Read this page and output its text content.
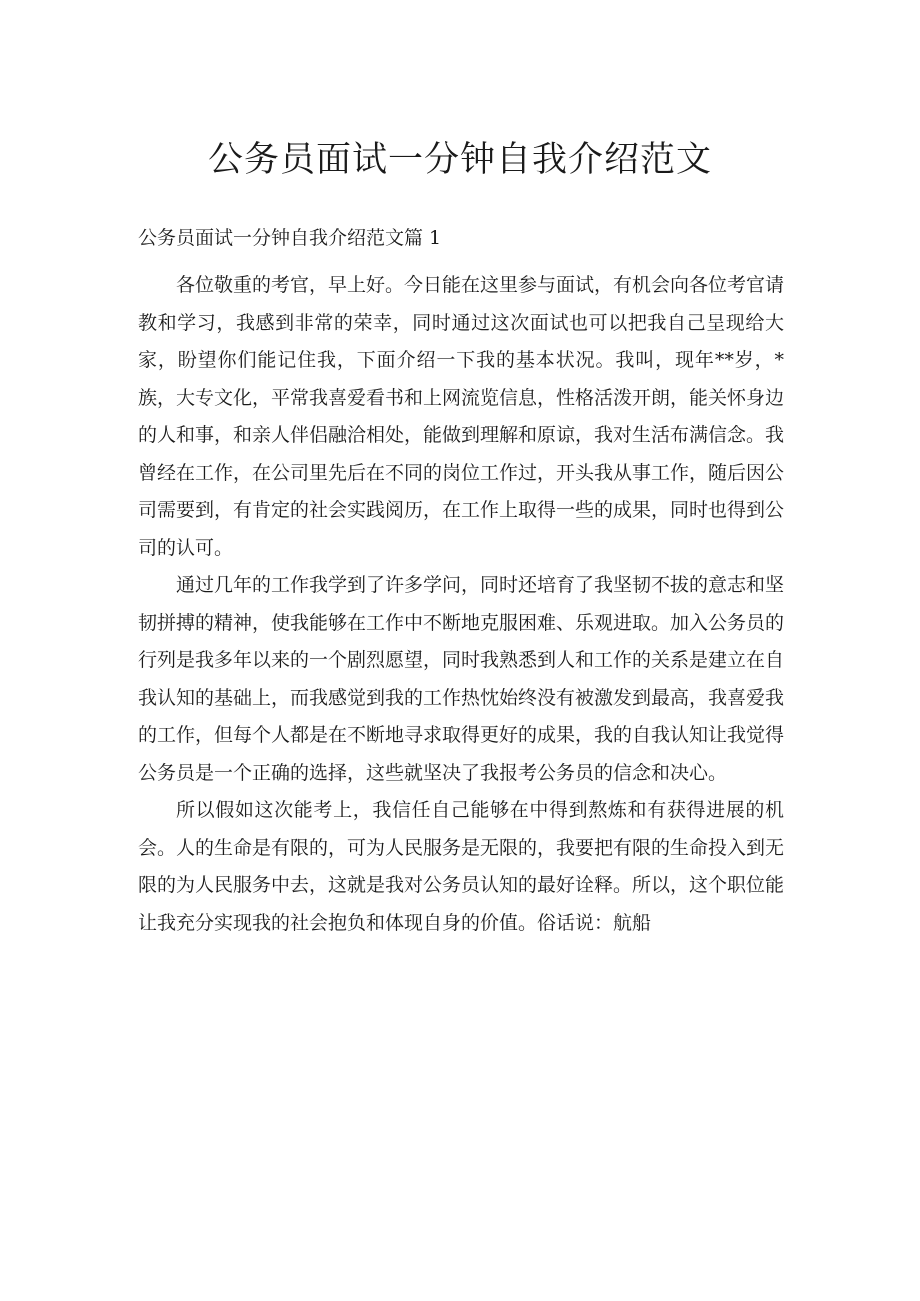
公务员面试一分钟自我介绍范文
公务员面试一分钟自我介绍范文篇 1

各位敬重的考官，早上好。今日能在这里参与面试，有机会向各位考官请教和学习，我感到非常的荣幸，同时通过这次面试也可以把我自己呈现给大家，盼望你们能记住我，下面介绍一下我的基本状况。我叫，现年**岁，*族，大专文化，平常我喜爱看书和上网流览信息，性格活泼开朗，能关怀身边的人和事，和亲人伴侣融洽相处，能做到理解和原谅，我对生活布满信念。我曾经在工作，在公司里先后在不同的岗位工作过，开头我从事工作，随后因公司需要到，有肯定的社会实践阅历，在工作上取得一些的成果，同时也得到公司的认可。

通过几年的工作我学到了许多学问，同时还培育了我坚韧不拔的意志和坚韧拼搏的精神，使我能够在工作中不断地克服困难、乐观进取。加入公务员的行列是我多年以来的一个剧烈愿望，同时我熟悉到人和工作的关系是建立在自我认知的基础上，而我感觉到我的工作热忱始终没有被激发到最高，我喜爱我的工作，但每个人都是在不断地寻求取得更好的成果，我的自我认知让我觉得公务员是一个正确的选择，这些就坚决了我报考公务员的信念和决心。

所以假如这次能考上，我信任自己能够在中得到熬炼和有获得进展的机会。人的生命是有限的，可为人民服务是无限的，我要把有限的生命投入到无限的为人民服务中去，这就是我对公务员认知的最好诠释。所以，这个职位能让我充分实现我的社会抱负和体现自身的价值。俗话说：航船
